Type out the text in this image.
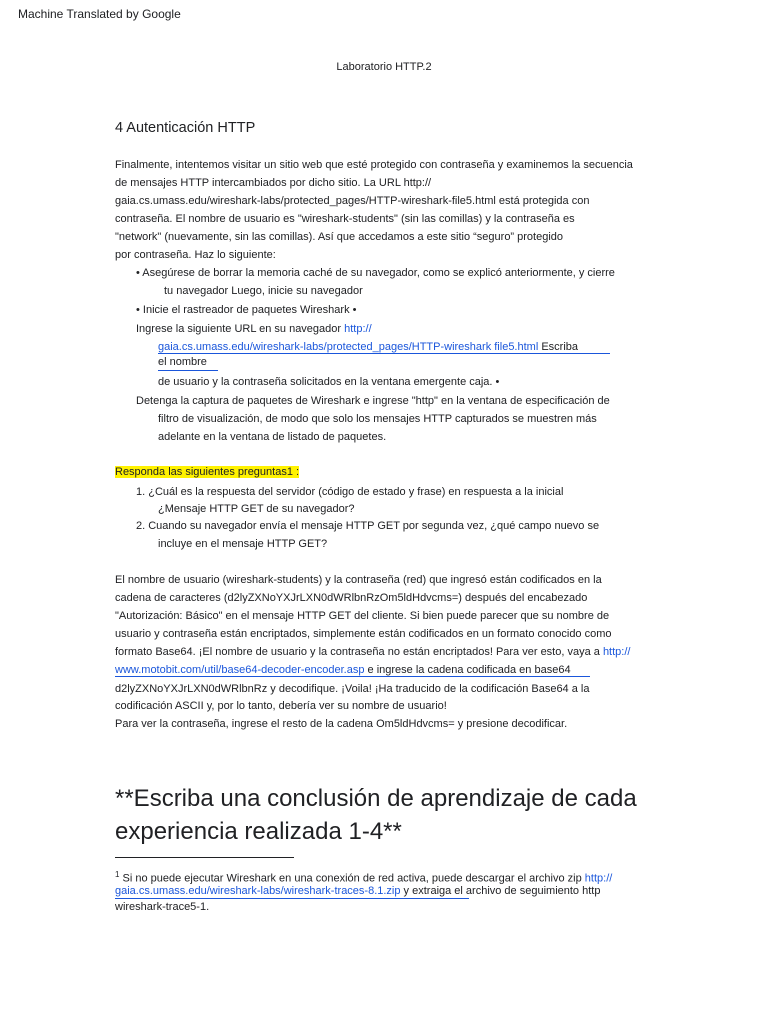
Machine Translated by Google
Laboratorio HTTP.2
4 Autenticación HTTP
Finalmente, intentemos visitar un sitio web que esté protegido con contraseña y examinemos la secuencia
de mensajes HTTP intercambiados por dicho sitio. La URL http://
gaia.cs.umass.edu/wireshark-labs/protected_pages/HTTP-wireshark-file5.html está protegida con
contraseña. El nombre de usuario es "wireshark-students" (sin las comillas) y la contraseña es
"network" (nuevamente, sin las comillas). Así que accedamos a este sitio “seguro” protegido
por contraseña. Haz lo siguiente:
• Asegúrese de borrar la memoria caché de su navegador, como se explicó anteriormente, y cierre
tu navegador Luego, inicie su navegador
• Inicie el rastreador de paquetes Wireshark •
Ingrese la siguiente URL en su navegador http://
gaia.cs.umass.edu/wireshark-labs/protected_pages/HTTP-wireshark file5.html Escriba
el nombre
de usuario y la contraseña solicitados en la ventana emergente caja. •
Detenga la captura de paquetes de Wireshark e ingrese "http" en la ventana de especificación de
filtro de visualización, de modo que solo los mensajes HTTP capturados se muestren más
adelante en la ventana de listado de paquetes.
Responda las siguientes preguntas1 :
1. ¿Cuál es la respuesta del servidor (código de estado y frase) en respuesta a la inicial
¿Mensaje HTTP GET de su navegador?
2. Cuando su navegador envía el mensaje HTTP GET por segunda vez, ¿qué campo nuevo se
incluye en el mensaje HTTP GET?
El nombre de usuario (wireshark-students) y la contraseña (red) que ingresó están codificados en la
cadena de caracteres (d2lyZXNoYXJrLXN0dWRlbnRzOm5ldHdvcms=) después del encabezado
"Autorización: Básico" en el mensaje HTTP GET del cliente. Si bien puede parecer que su nombre de
usuario y contraseña están encriptados, simplemente están codificados en un formato conocido como
formato Base64. ¡El nombre de usuario y la contraseña no están encriptados! Para ver esto, vaya a http://
www.motobit.com/util/base64-decoder-encoder.asp e ingrese la cadena codificada en base64
d2lyZXNoYXJrLXN0dWRlbnRz y decodifique. ¡Voila! ¡Ha traducido de la codificación Base64 a la
codificación ASCII y, por lo tanto, debería ver su nombre de usuario!
Para ver la contraseña, ingrese el resto de la cadena Om5ldHdvcms= y presione decodificar.
**Escriba una conclusión de aprendizaje de cada
experiencia realizada 1-4**
$^1$ Si no puede ejecutar Wireshark en una conexión de red activa, puede descargar el archivo zip http://
gaia.cs.umass.edu/wireshark-labs/wireshark-traces-8.1.zip y extraiga el archivo de seguimiento http
wireshark-trace5-1.
